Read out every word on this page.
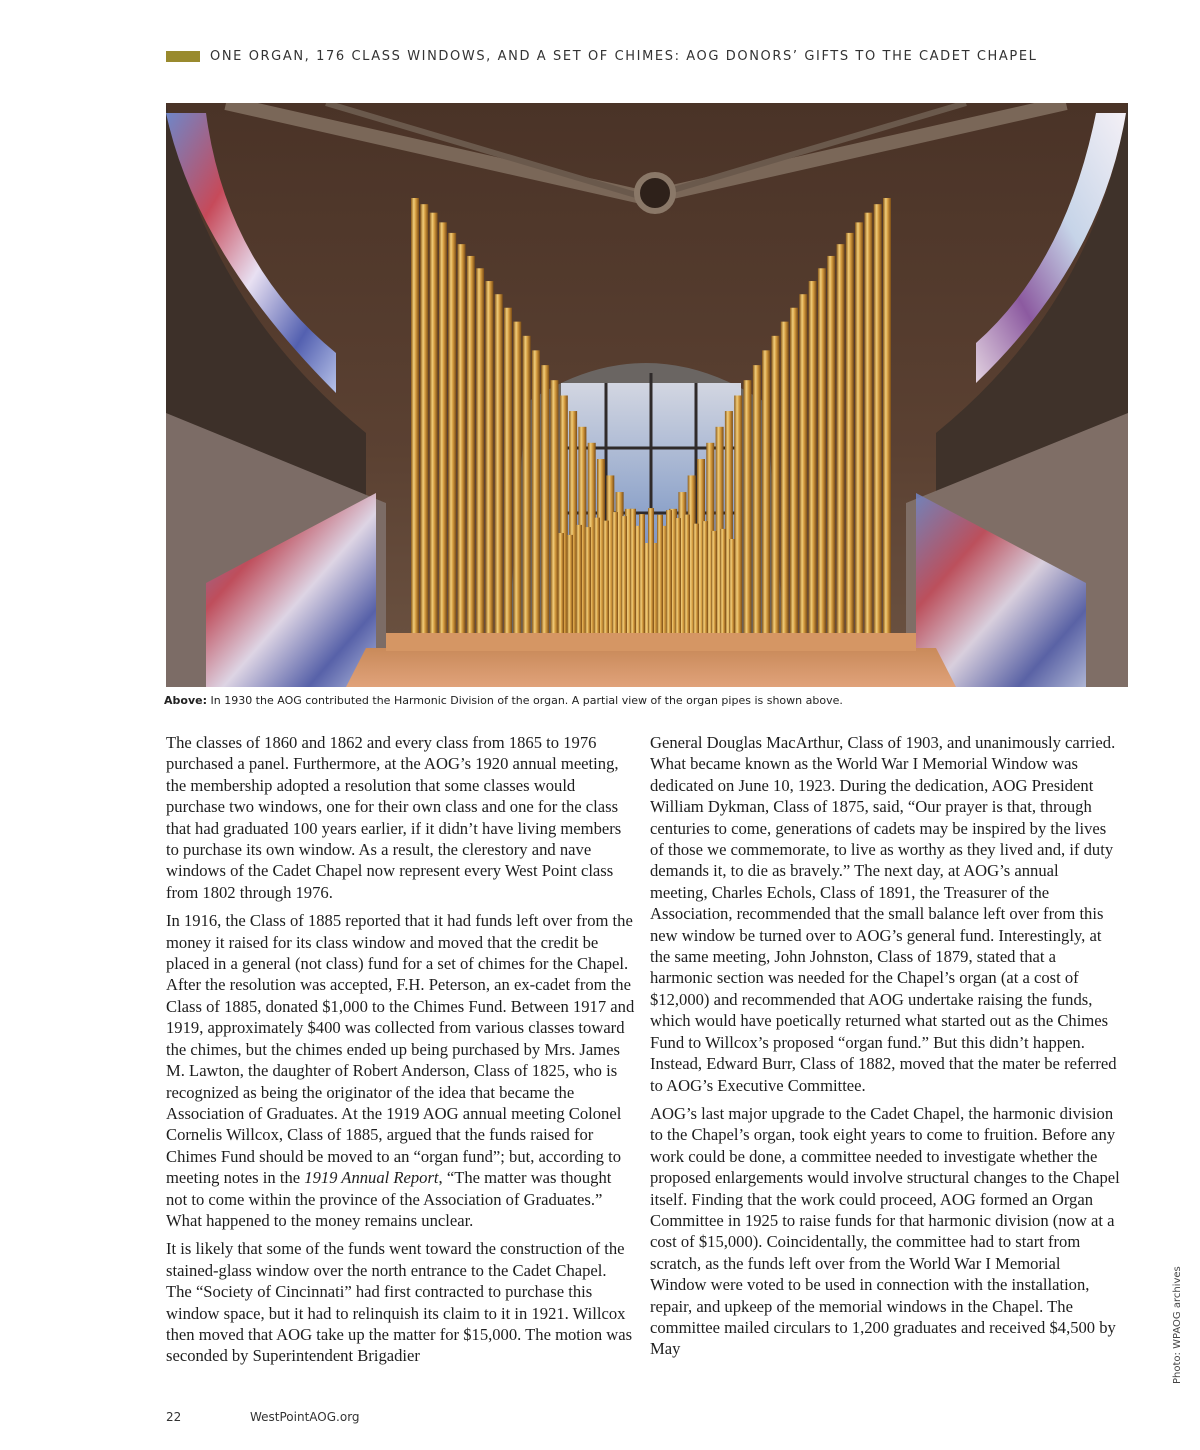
ONE ORGAN, 176 CLASS WINDOWS, AND A SET OF CHIMES: AOG DONORS’ GIFTS TO THE CADET CHAPEL
Above: In 1930 the AOG contributed the Harmonic Division of the organ. A partial view of the organ pipes is shown above.

The classes of 1860 and 1862 and every class from 1865 to 1976 purchased a panel. Furthermore, at the AOG’s 1920 annual meeting, the membership adopted a resolution that some classes would purchase two windows, one for their own class and one for the class that had graduated 100 years earlier, if it didn’t have living members to purchase its own window. As a result, the clerestory and nave windows of the Cadet Chapel now represent every West Point class from 1802 through 1976.

In 1916, the Class of 1885 reported that it had funds left over from the money it raised for its class window and moved that the credit be placed in a general (not class) fund for a set of chimes for the Chapel. After the resolution was accepted, F.H. Peterson, an ex-cadet from the Class of 1885, donated $1,000 to the Chimes Fund. Between 1917 and 1919, approximately $400 was collected from various classes toward the chimes, but the chimes ended up being purchased by Mrs. James M. Lawton, the daughter of Robert Anderson, Class of 1825, who is recognized as being the originator of the idea that became the Association of Graduates. At the 1919 AOG annual meeting Colonel Cornelis Willcox, Class of 1885, argued that the funds raised for Chimes Fund should be moved to an “organ fund”; but, according to meeting notes in the 1919 Annual Report, “The matter was thought not to come within the province of the Association of Graduates.” What happened to the money remains unclear.

It is likely that some of the funds went toward the construction of the stained-glass window over the north entrance to the Cadet Chapel. The “Society of Cincinnati” had first contracted to purchase this window space, but it had to relinquish its claim to it in 1921. Willcox then moved that AOG take up the matter for $15,000. The motion was seconded by Superintendent Brigadier

General Douglas MacArthur, Class of 1903, and unanimously carried. What became known as the World War I Memorial Window was dedicated on June 10, 1923. During the dedication, AOG President William Dykman, Class of 1875, said, “Our prayer is that, through centuries to come, generations of cadets may be inspired by the lives of those we commemorate, to live as worthy as they lived and, if duty demands it, to die as bravely.” The next day, at AOG’s annual meeting, Charles Echols, Class of 1891, the Treasurer of the Association, recommended that the small balance left over from this new window be turned over to AOG’s general fund. Interestingly, at the same meeting, John Johnston, Class of 1879, stated that a harmonic section was needed for the Chapel’s organ (at a cost of $12,000) and recommended that AOG undertake raising the funds, which would have poetically returned what started out as the Chimes Fund to Willcox’s proposed “organ fund.” But this didn’t happen. Instead, Edward Burr, Class of 1882, moved that the mater be referred to AOG’s Executive Committee.

AOG’s last major upgrade to the Cadet Chapel, the harmonic division to the Chapel’s organ, took eight years to come to fruition. Before any work could be done, a committee needed to investigate whether the proposed enlargements would involve structural changes to the Chapel itself. Finding that the work could proceed, AOG formed an Organ Committee in 1925 to raise funds for that harmonic division (now at a cost of $15,000). Coincidentally, the committee had to start from scratch, as the funds left over from the World War I Memorial Window were voted to be used in connection with the installation, repair, and upkeep of the memorial windows in the Chapel. The committee mailed circulars to 1,200 graduates and received $4,500 by May	Photo: WPAOG archives
22	WestPointAOG.org
